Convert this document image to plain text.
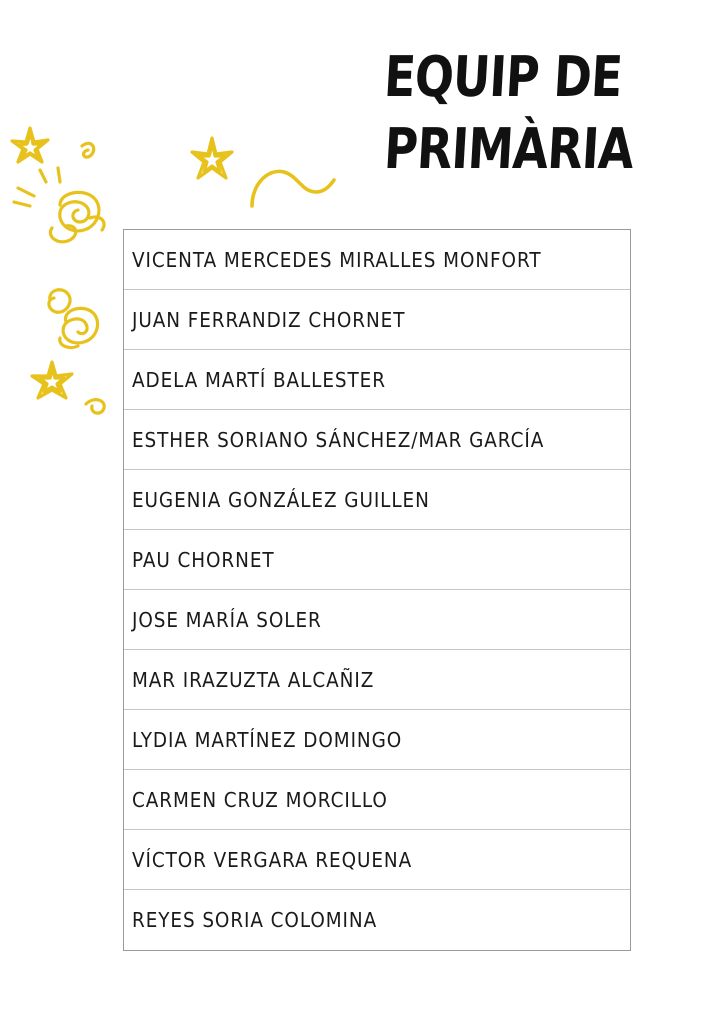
EQUIP DE
PRIMÀRIA
VICENTA MERCEDES MIRALLES MONFORT
JUAN FERRANDIZ CHORNET
ADELA MARTÍ BALLESTER
ESTHER SORIANO SÁNCHEZ/MAR GARCÍA
EUGENIA GONZÁLEZ GUILLEN
PAU CHORNET
JOSE MARÍA SOLER
MAR IRAZUZTA ALCAÑIZ
LYDIA MARTÍNEZ DOMINGO
CARMEN CRUZ MORCILLO
VÍCTOR VERGARA REQUENA
REYES SORIA COLOMINA
